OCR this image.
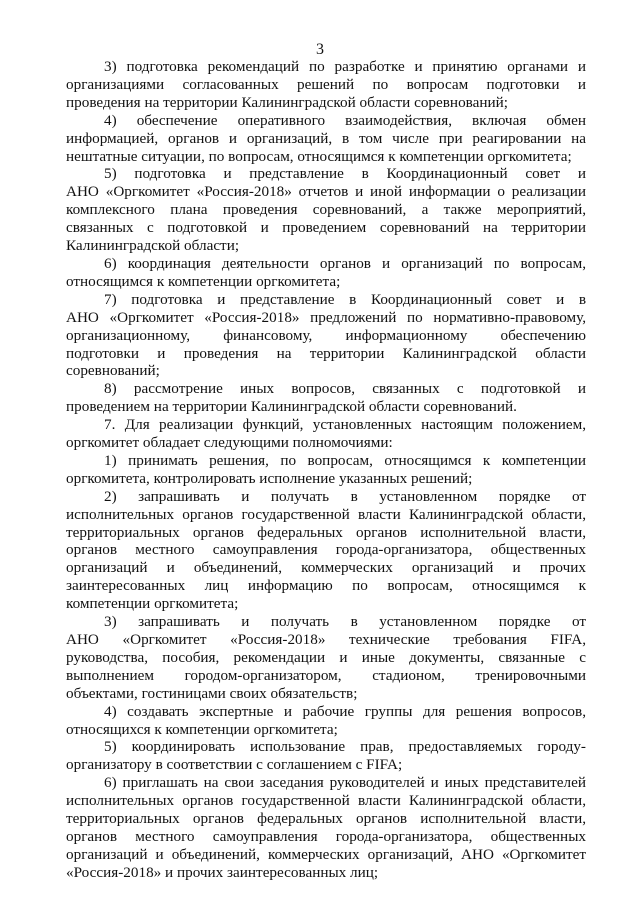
3
3) подготовка рекомендаций по разработке и принятию органами и
организациями согласованных решений по вопросам подготовки и
проведения на территории Калининградской области соревнований;
4) обеспечение оперативного взаимодействия, включая обмен
информацией, органов и организаций, в том числе при реагировании на
нештатные ситуации, по вопросам, относящимся к компетенции оргкомитета;
5) подготовка и представление в Координационный совет и
АНО «Оргкомитет «Россия-2018» отчетов и иной информации о реализации
комплексного плана проведения соревнований, а также мероприятий,
связанных с подготовкой и проведением соревнований на территории
Калининградской области;
6) координация деятельности органов и организаций по вопросам,
относящимся к компетенции оргкомитета;
7) подготовка и представление в Координационный совет и в
АНО «Оргкомитет «Россия-2018» предложений по нормативно-правовому,
организационному, финансовому, информационному обеспечению
подготовки и проведения на территории Калининградской области
соревнований;
8) рассмотрение иных вопросов, связанных с подготовкой и
проведением на территории Калининградской области соревнований.
7. Для реализации функций, установленных настоящим положением,
оргкомитет обладает следующими полномочиями:
1) принимать решения, по вопросам, относящимся к компетенции
оргкомитета, контролировать исполнение указанных решений;
2) запрашивать и получать в установленном порядке от
исполнительных органов государственной власти Калининградской области,
территориальных органов федеральных органов исполнительной власти,
органов местного самоуправления города-организатора, общественных
организаций и объединений, коммерческих организаций и прочих
заинтересованных лиц информацию по вопросам, относящимся к
компетенции оргкомитета;
3) запрашивать и получать в установленном порядке от
АНО «Оргкомитет «Россия-2018» технические требования FIFA,
руководства, пособия, рекомендации и иные документы, связанные с
выполнением городом-организатором, стадионом, тренировочными
объектами, гостиницами своих обязательств;
4) создавать экспертные и рабочие группы для решения вопросов,
относящихся к компетенции оргкомитета;
5) координировать использование прав, предоставляемых городу-
организатору в соответствии с соглашением с FIFA;
6) приглашать на свои заседания руководителей и иных представителей
исполнительных органов государственной власти Калининградской области,
территориальных органов федеральных органов исполнительной власти,
органов местного самоуправления города-организатора, общественных
организаций и объединений, коммерческих организаций, АНО «Оргкомитет
«Россия-2018» и прочих заинтересованных лиц;
